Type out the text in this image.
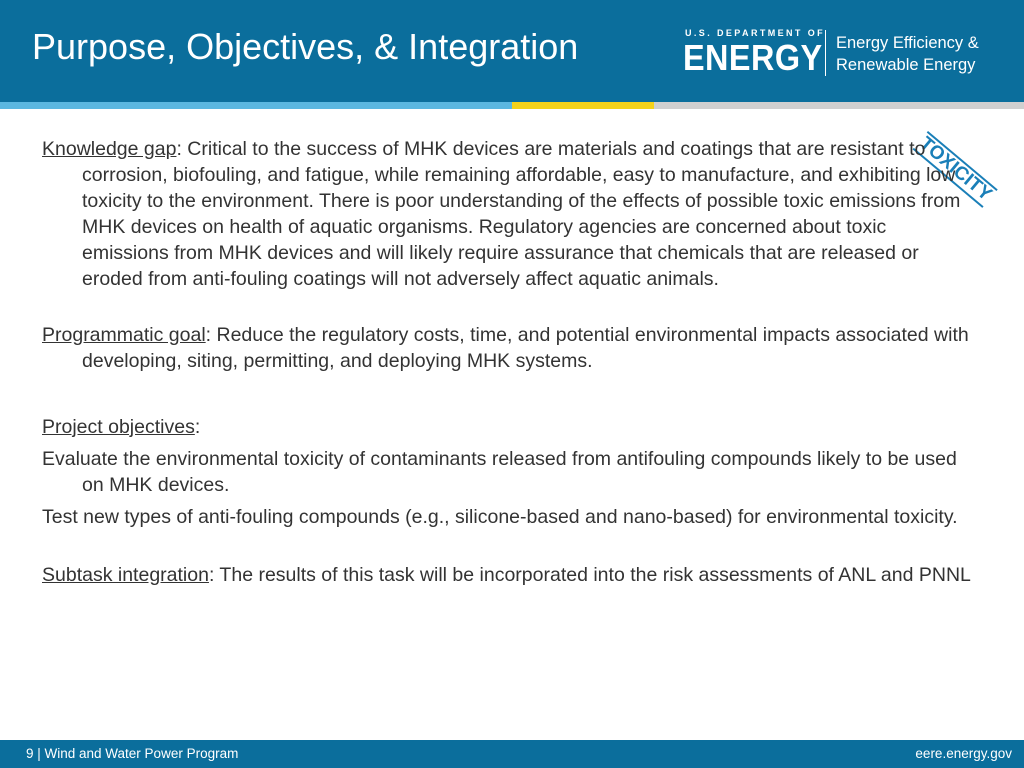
Purpose, Objectives, & Integration	U.S. DEPARTMENT OF
ENERGY Energy Efficiency &
Renewable Energy
TOXICITY

Knowledge gap: Critical to the success of MHK devices are materials and coatings that are resistant to corrosion, biofouling, and fatigue, while remaining affordable, easy to manufacture, and exhibiting low toxicity to the environment. There is poor understanding of the effects of possible toxic emissions from MHK devices on health of aquatic organisms. Regulatory agencies are concerned about toxic emissions from MHK devices and will likely require assurance that chemicals that are released or eroded from anti-fouling coatings will not adversely affect aquatic animals.

Programmatic goal: Reduce the regulatory costs, time, and potential environmental impacts associated with developing, siting, permitting, and deploying MHK systems.

Project objectives:

Evaluate the environmental toxicity of contaminants released from antifouling compounds likely to be used on MHK devices.

Test new types of anti-fouling compounds (e.g., silicone-based and nano-based) for environmental toxicity.

Subtask integration: The results of this task will be incorporated into the risk assessments of ANL and PNNL

9 | Wind and Water Power Program	eere.energy.gov
